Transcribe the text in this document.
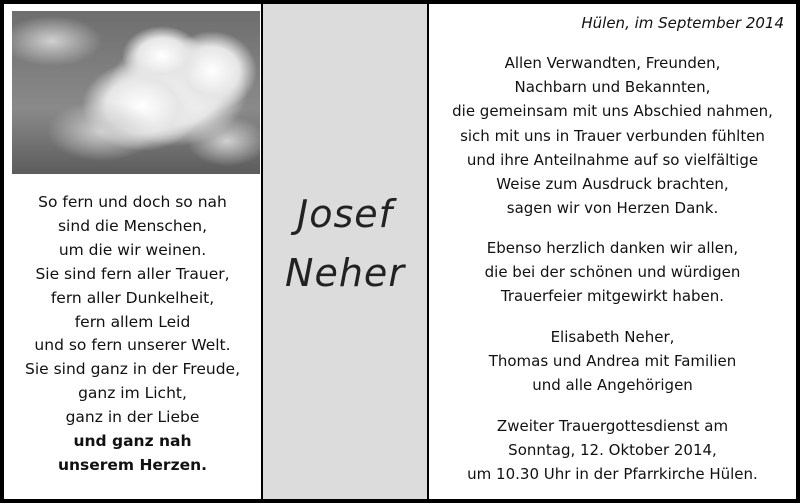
So fern und doch so nah
sind die Menschen,
um die wir weinen.
Sie sind fern aller Trauer,
fern aller Dunkelheit,
fern allem Leid
und so fern unserer Welt.
Sie sind ganz in der Freude,
ganz im Licht,
ganz in der Liebe
und ganz nah
unserem Herzen.
Josef
Neher
Hülen, im September 2014
Allen Verwandten, Freunden,
Nachbarn und Bekannten,
die gemeinsam mit uns Abschied nahmen,
sich mit uns in Trauer verbunden fühlten
und ihre Anteilnahme auf so vielfältige
Weise zum Ausdruck brachten,
sagen wir von Herzen Dank.
Ebenso herzlich danken wir allen,
die bei der schönen und würdigen
Trauerfeier mitgewirkt haben.
Elisabeth Neher,
Thomas und Andrea mit Familien
und alle Angehörigen
Zweiter Trauergottesdienst am
Sonntag, 12. Oktober 2014,
um 10.30 Uhr in der Pfarrkirche Hülen.
